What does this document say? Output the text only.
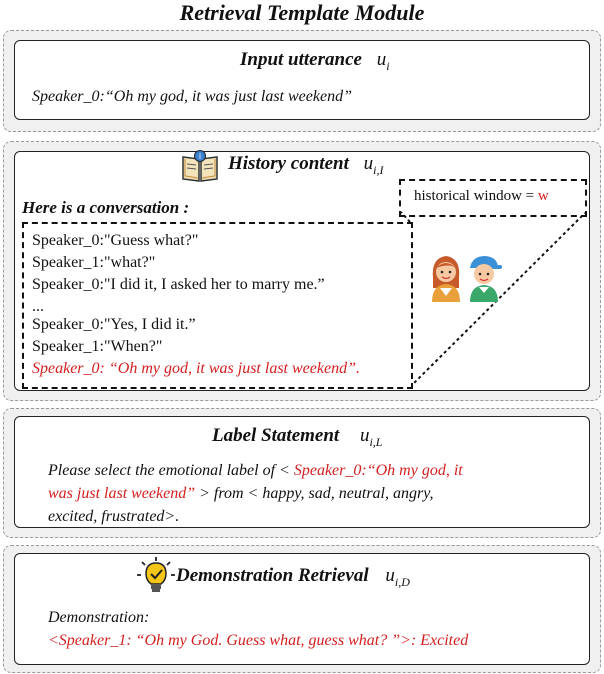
Retrieval Template Module
Input utterance $u_i$
Speaker_0:“Oh my god, it was just last weekend”
i History content $u_{i,I}$
historical window = w
Here is a conversation :
Speaker_0:"Guess what?"
Speaker_1:"what?"
Speaker_0:"I did it, I asked her to marry me.”
...
Speaker_0:"Yes, I did it.”
Speaker_1:"When?"
Speaker_0: “Oh my god, it was just last weekend”.
Label Statement $u_{i,L}$
Please select the emotional label of < Speaker_0:“Oh my god, it
was just last weekend” > from < happy, sad, neutral, angry,
excited, frustrated>.
Demonstration Retrieval $u_{i,D}$
Demonstration:
<Speaker_1: “Oh my God. Guess what, guess what? ”>: Excited
